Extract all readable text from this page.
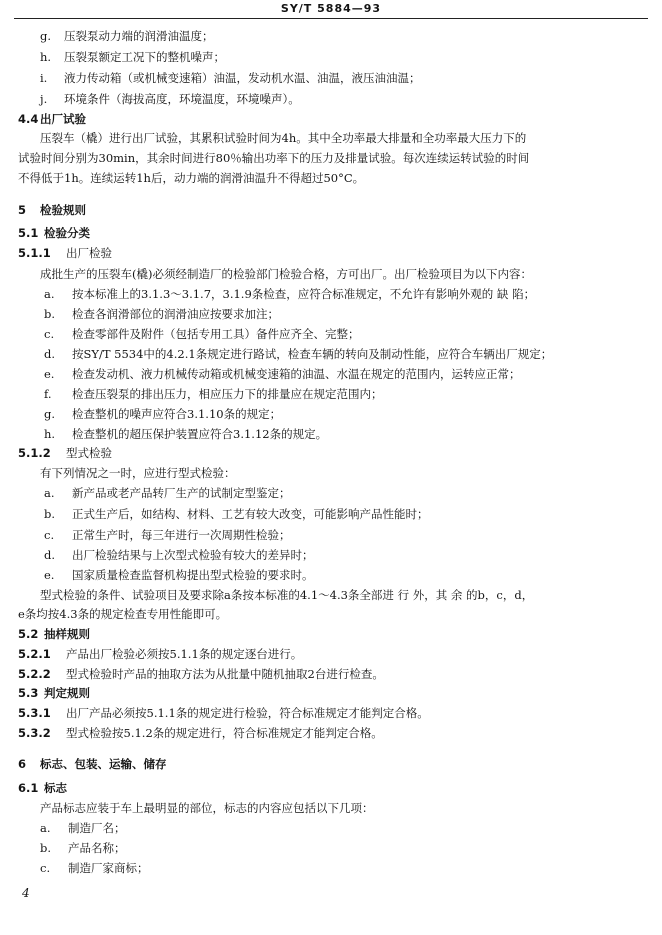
SY/T 5884—93
g. 压裂泵动力端的润滑油温度；
h. 压裂泵额定工况下的整机噪声；
i. 液力传动箱（或机械变速箱）油温，发动机水温、油温，液压油油温；
j. 环境条件（海拔高度，环境温度，环境噪声）。
4.4 出厂试验
压裂车（橇）进行出厂试验，其累积试验时间为4h。其中全功率最大排量和全功率最大压力下的
试验时间分别为30min，其余时间进行80％输出功率下的压力及排量试验。每次连续运转试验的时间
不得低于1h。连续运转1h后，动力端的润滑油温升不得超过50°C。
5 检验规则
5.1 检验分类
5.1.1 出厂检验
成批生产的压裂车(橇)必须经制造厂的检验部门检验合格，方可出厂。出厂检验项目为以下内容：
a. 按本标准上的3.1.3～3.1.7，3.1.9条检查，应符合标准规定，不允许有影响外观的 缺 陷；
b. 检查各润滑部位的润滑油应按要求加注；
c. 检查零部件及附件（包括专用工具）备件应齐全、完整；
d. 按SY/T 5534中的4.2.1条规定进行路试，检查车辆的转向及制动性能，应符合车辆出厂规定；
e. 检查发动机、液力机械传动箱或机械变速箱的油温、水温在规定的范围内，运转应正常；
f. 检查压裂泵的排出压力，相应压力下的排量应在规定范围内；
g. 检查整机的噪声应符合3.1.10条的规定；
h. 检查整机的超压保护装置应符合3.1.12条的规定。
5.1.2 型式检验
有下列情况之一时，应进行型式检验：
a. 新产品或老产品转厂生产的试制定型鉴定；
b. 正式生产后，如结构、材料、工艺有较大改变，可能影响产品性能时；
c. 正常生产时，每三年进行一次周期性检验；
d. 出厂检验结果与上次型式检验有较大的差异时；
e. 国家质量检查监督机构提出型式检验的要求时。
型式检验的条件、试验项目及要求除a条按本标准的4.1～4.3条全部进 行 外，其 余 的b，c，d，
e条均按4.3条的规定检查专用性能即可。
5.2 抽样规则
5.2.1 产品出厂检验必须按5.1.1条的规定逐台进行。
5.2.2 型式检验时产品的抽取方法为从批量中随机抽取2台进行检查。
5.3 判定规则
5.3.1 出厂产品必须按5.1.1条的规定进行检验，符合标准规定才能判定合格。
5.3.2 型式检验按5.1.2条的规定进行，符合标准规定才能判定合格。
6 标志、包装、运输、储存
6.1 标志
产品标志应装于车上最明显的部位，标志的内容应包括以下几项：
a. 制造厂名；
b. 产品名称；
c. 制造厂家商标；
4
